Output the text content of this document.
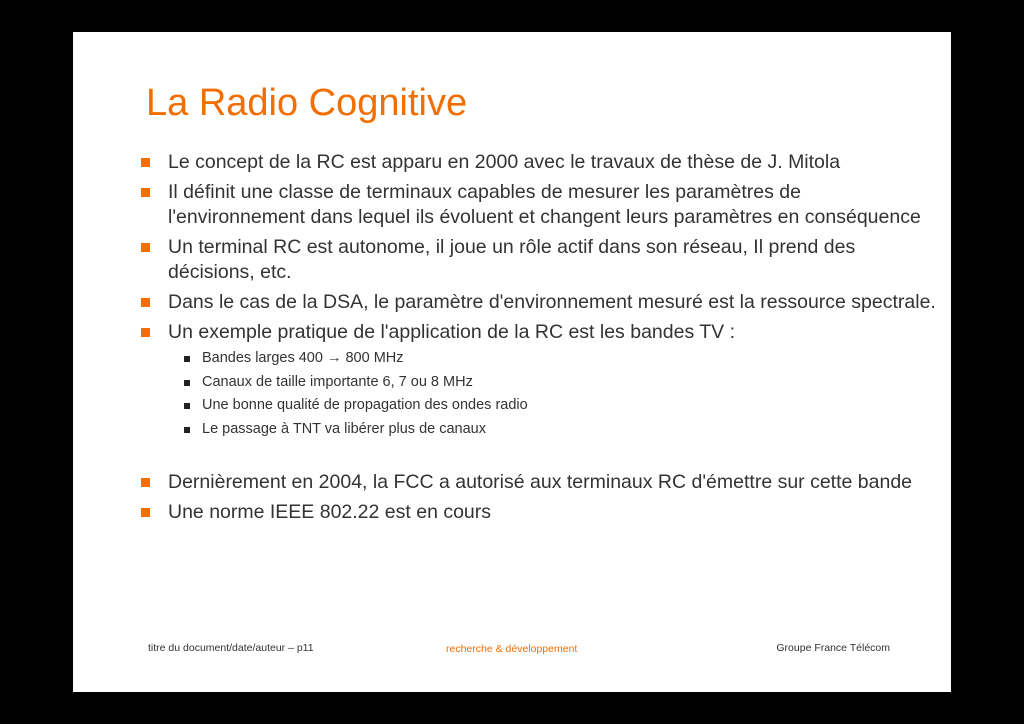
La Radio Cognitive
Le concept de la RC est apparu en 2000 avec le travaux de thèse de J. Mitola
Il définit une classe de terminaux capables de mesurer les paramètres de l'environnement dans lequel ils évoluent et changent leurs paramètres en conséquence
Un terminal RC est autonome, il joue un rôle actif dans son réseau, Il prend des décisions, etc.
Dans le cas de la DSA, le paramètre d'environnement mesuré est la ressource spectrale.
Un exemple pratique de l'application de la RC est les bandes TV :
Bandes larges 400 → 800 MHz
Canaux de taille importante 6, 7 ou 8 MHz
Une bonne qualité de propagation des ondes radio
Le passage à TNT va libérer plus de canaux
Dernièrement en 2004, la FCC a autorisé aux terminaux RC d'émettre sur cette bande
Une norme IEEE 802.22 est en cours
titre du document/date/auteur – p11	recherche & développement	Groupe France Télécom
